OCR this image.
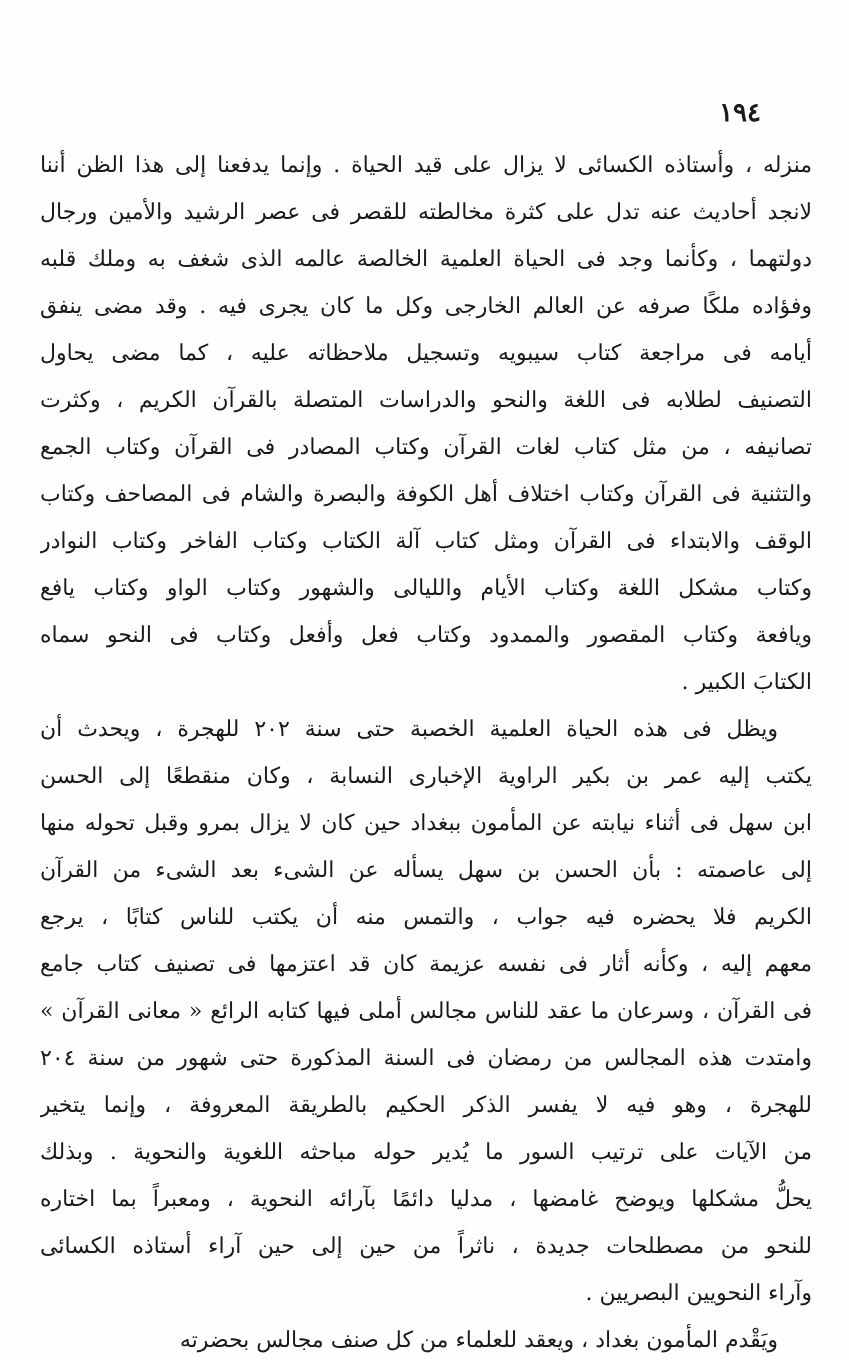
١٩٤
منزله ، وأستاذه الكسائى لا يزال على قيد الحياة . وإنما يدفعنا إلى هذا الظن أننا
لانجد أحاديث عنه تدل على كثرة مخالطته للقصر فى عصر الرشيد والأمين ورجال
دولتهما ، وكأنما وجد فى الحياة العلمية الخالصة عالمه الذى شغف به وملك قلبه
وفؤاده ملكًا صرفه عن العالم الخارجى وكل ما كان يجرى فيه . وقد مضى ينفق
أيامه فى مراجعة كتاب سيبويه وتسجيل ملاحظاته عليه ، كما مضى يحاول
التصنيف لطلابه فى اللغة والنحو والدراسات المتصلة بالقرآن الكريم ، وكثرت
تصانيفه ، من مثل كتاب لغات القرآن وكتاب المصادر فى القرآن وكتاب الجمع
والتثنية فى القرآن وكتاب اختلاف أهل الكوفة والبصرة والشام فى المصاحف وكتاب
الوقف والابتداء فى القرآن ومثل كتاب آلة الكتاب وكتاب الفاخر وكتاب النوادر
وكتاب مشكل اللغة وكتاب الأيام والليالى والشهور وكتاب الواو وكتاب يافع
ويافعة وكتاب المقصور والممدود وكتاب فعل وأفعل وكتاب فى النحو سماه
الكتابَ الكبير .
ويظل فى هذه الحياة العلمية الخصبة حتى سنة ٢٠٢ للهجرة ، ويحدث أن
يكتب إليه عمر بن بكير الراوية الإخبارى النسابة ، وكان منقطعًا إلى الحسن
ابن سهل فى أثناء نيابته عن المأمون ببغداد حين كان لا يزال بمرو وقبل تحوله منها
إلى عاصمته : بأن الحسن بن سهل يسأله عن الشىء بعد الشىء من القرآن
الكريم فلا يحضره فيه جواب ، والتمس منه أن يكتب للناس كتابًا ، يرجع
معهم إليه ، وكأنه أثار فى نفسه عزيمة كان قد اعتزمها فى تصنيف كتاب جامع
فى القرآن ، وسرعان ما عقد للناس مجالس أملى فيها كتابه الرائع « معانى القرآن »
وامتدت هذه المجالس من رمضان فى السنة المذكورة حتى شهور من سنة ٢٠٤
للهجرة ، وهو فيه لا يفسر الذكر الحكيم بالطريقة المعروفة ، وإنما يتخير
من الآيات على ترتيب السور ما يُدير حوله مباحثه اللغوية والنحوية . وبذلك
يحلُّ مشكلها ويوضح غامضها ، مدليا دائمًا بآرائه النحوية ، ومعبراً بما اختاره
للنحو من مصطلحات جديدة ، ناثراً من حين إلى حين آراء أستاذه الكسائى
وآراء النحويين البصريين .
ويَقْدم المأمون بغداد ، ويعقد للعلماء من كل صنف مجالس بحضرته
